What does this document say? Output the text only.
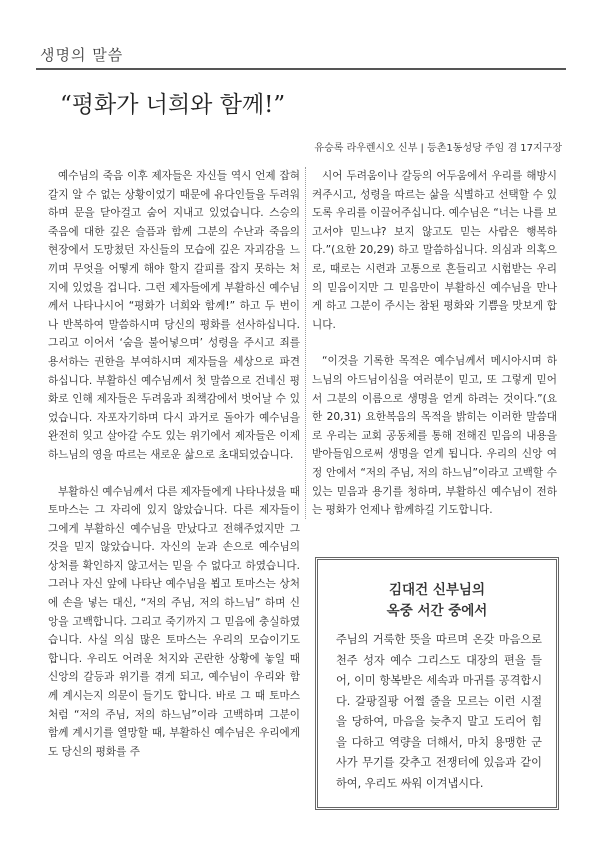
생명의 말씀
“평화가 너희와 함께!”
유승록 라우렌시오 신부 | 등촌1동성당 주임 겸 17지구장

예수님의 죽음 이후 제자들은 자신들 역시 언제 잡혀갈지 알 수 없는 상황이었기 때문에 유다인들을 두려워하며 문을 닫아걸고 숨어 지내고 있었습니다. 스승의 죽음에 대한 깊은 슬픔과 함께 그분의 수난과 죽음의 현장에서 도망쳤던 자신들의 모습에 깊은 자괴감을 느끼며 무엇을 어떻게 해야 할지 갈피를 잡지 못하는 처지에 있었을 겁니다. 그런 제자들에게 부활하신 예수님께서 나타나시어 “평화가 너희와 함께!” 하고 두 번이나 반복하여 말씀하시며 당신의 평화를 선사하십니다. 그리고 이어서 ‘숨을 불어넣으며’ 성령을 주시고 죄를 용서하는 권한을 부여하시며 제자들을 세상으로 파견하십니다. 부활하신 예수님께서 첫 말씀으로 건네신 평화로 인해 제자들은 두려움과 죄책감에서 벗어날 수 있었습니다. 자포자기하며 다시 과거로 돌아가 예수님을 완전히 잊고 살아갈 수도 있는 위기에서 제자들은 이제 하느님의 영을 따르는 새로운 삶으로 초대되었습니다.

부활하신 예수님께서 다른 제자들에게 나타나셨을 때 토마스는 그 자리에 있지 않았습니다. 다른 제자들이 그에게 부활하신 예수님을 만났다고 전해주었지만 그것을 믿지 않았습니다. 자신의 눈과 손으로 예수님의 상처를 확인하지 않고서는 믿을 수 없다고 하였습니다. 그러나 자신 앞에 나타난 예수님을 뵙고 토마스는 상처에 손을 넣는 대신, “저의 주님, 저의 하느님” 하며 신앙을 고백합니다. 그리고 죽기까지 그 믿음에 충실하였습니다. 사실 의심 많은 토마스는 우리의 모습이기도 합니다. 우리도 어려운 처지와 곤란한 상황에 놓일 때 신앙의 갈등과 위기를 겪게 되고, 예수님이 우리와 함께 계시는지 의문이 들기도 합니다. 바로 그 때 토마스처럼 “저의 주님, 저의 하느님”이라 고백하며 그분이 함께 계시기를 열망할 때, 부활하신 예수님은 우리에게도 당신의 평화를 주

시어 두려움이나 갈등의 어두움에서 우리를 해방시켜주시고, 성령을 따르는 삶을 식별하고 선택할 수 있도록 우리를 이끌어주십니다. 예수님은 “너는 나를 보고서야 믿느냐? 보지 않고도 믿는 사람은 행복하다.”(요한 20,29) 하고 말씀하십니다. 의심과 의혹으로, 때로는 시련과 고통으로 흔들리고 시험받는 우리의 믿음이지만 그 믿음만이 부활하신 예수님을 만나게 하고 그분이 주시는 참된 평화와 기쁨을 맛보게 합니다.

“이것을 기록한 목적은 예수님께서 메시아시며 하느님의 아드님이심을 여러분이 믿고, 또 그렇게 믿어서 그분의 이름으로 생명을 얻게 하려는 것이다.”(요한 20,31) 요한복음의 목적을 밝히는 이러한 말씀대로 우리는 교회 공동체를 통해 전해진 믿음의 내용을 받아들임으로써 생명을 얻게 됩니다. 우리의 신앙 여정 안에서 “저의 주님, 저의 하느님”이라고 고백할 수 있는 믿음과 용기를 청하며, 부활하신 예수님이 전하는 평화가 언제나 함께하길 기도합니다.

김대건 신부님의
옥중 서간 중에서
주님의 거룩한 뜻을 따르며 온갖 마음으로 천주 성자 예수 그리스도 대장의 편을 들어, 이미 항복받은 세속과 마귀를 공격합시다. 갈팡질팡 어쩔 줄을 모르는 이런 시절을 당하여, 마음을 늦추지 말고 도리어 힘을 다하고 역량을 더해서, 마치 용맹한 군사가 무기를 갖추고 전쟁터에 있음과 같이 하여, 우리도 싸워 이겨냅시다.
